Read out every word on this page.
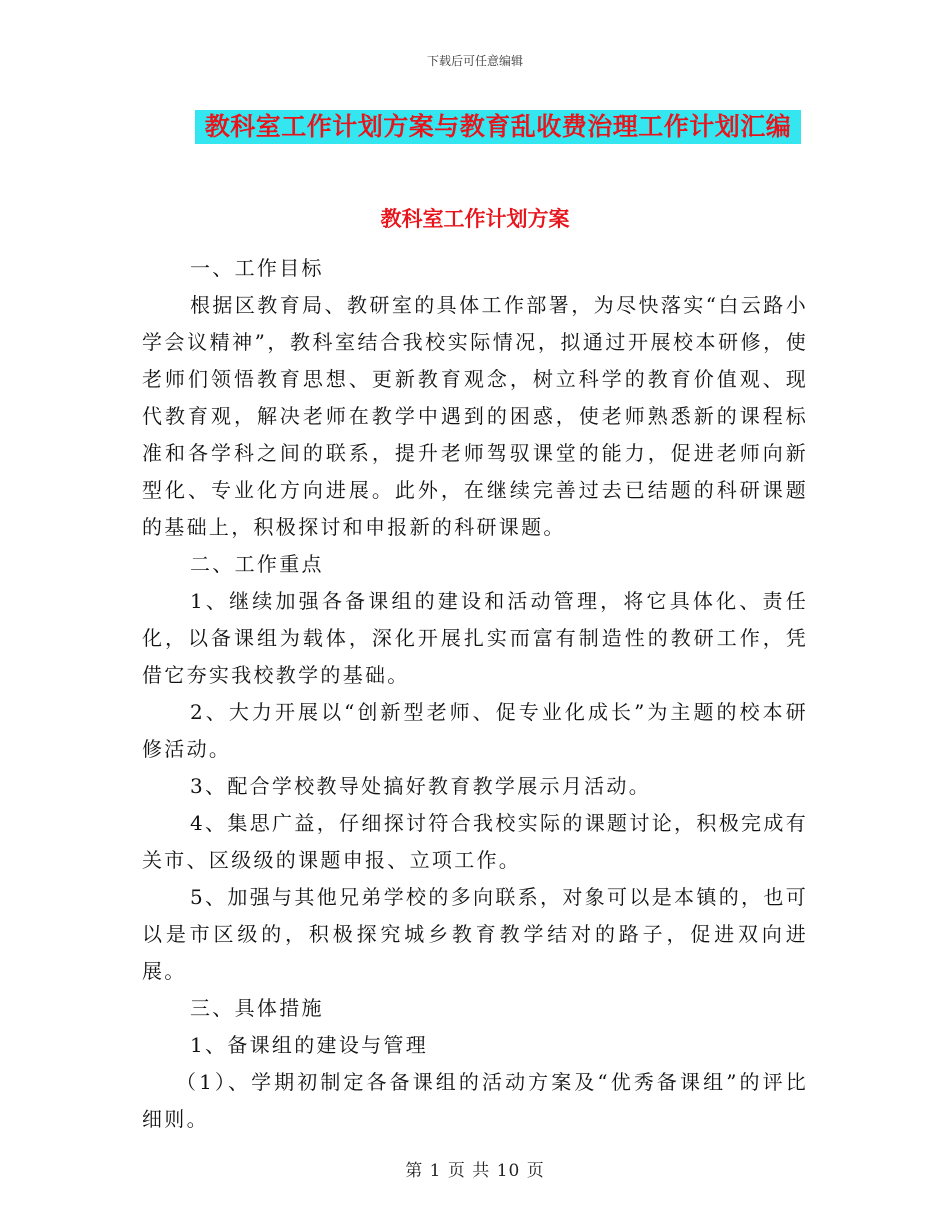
下载后可任意编辑
教科室工作计划方案与教育乱收费治理工作计划汇编
教科室工作计划方案

一、工作目标

根据区教育局、教研室的具体工作部署，为尽快落实“白云路小学会议精神”，教科室结合我校实际情况，拟通过开展校本研修，使老师们领悟教育思想、更新教育观念，树立科学的教育价值观、现代教育观，解决老师在教学中遇到的困惑，使老师熟悉新的课程标准和各学科之间的联系，提升老师驾驭课堂的能力，促进老师向新型化、专业化方向进展。此外，在继续完善过去已结题的科研课题的基础上，积极探讨和申报新的科研课题。

二、工作重点

1、继续加强各备课组的建设和活动管理，将它具体化、责任化，以备课组为载体，深化开展扎实而富有制造性的教研工作，凭借它夯实我校教学的基础。

2、大力开展以“创新型老师、促专业化成长”为主题的校本研修活动。

3、配合学校教导处搞好教育教学展示月活动。

4、集思广益，仔细探讨符合我校实际的课题讨论，积极完成有关市、区级级的课题申报、立项工作。

5、加强与其他兄弟学校的多向联系，对象可以是本镇的，也可以是市区级的，积极探究城乡教育教学结对的路子，促进双向进展。

三、具体措施

1、备课组的建设与管理

（1）、学期初制定各备课组的活动方案及“优秀备课组”的评比细则。

第 1 页 共 10 页
